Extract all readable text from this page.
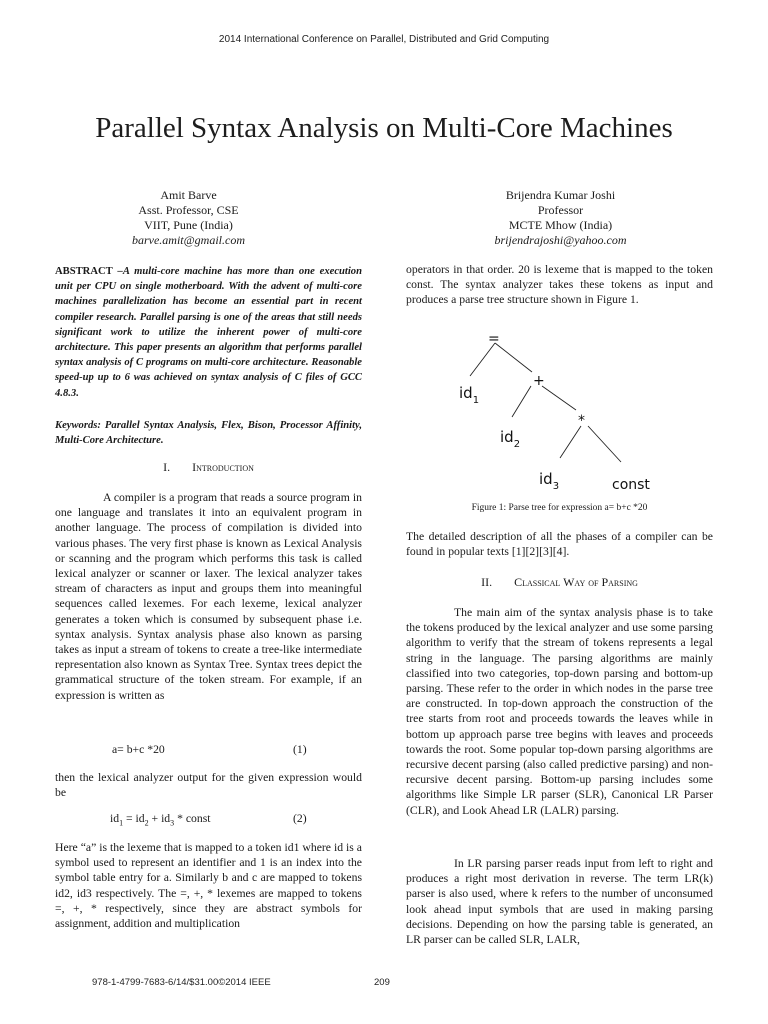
2014 International Conference on Parallel, Distributed and Grid Computing
Parallel Syntax Analysis on Multi-Core Machines
Amit Barve
Asst. Professor, CSE
VIIT, Pune (India)
barve.amit@gmail.com
Brijendra Kumar Joshi
Professor
MCTE Mhow (India)
brijendrajoshi@yahoo.com
ABSTRACT –A multi-core machine has more than one execution unit per CPU on single motherboard. With the advent of multi-core machines parallelization has become an essential part in recent compiler research. Parallel parsing is one of the areas that still needs significant work to utilize the inherent power of multi-core architecture. This paper presents an algorithm that performs parallel syntax analysis of C programs on multi-core architecture. Reasonable speed-up up to 6 was achieved on syntax analysis of C files of GCC 4.8.3.
Keywords: Parallel Syntax Analysis, Flex, Bison, Processor Affinity, Multi-Core Architecture.
I. Introduction

A compiler is a program that reads a source program in one language and translates it into an equivalent program in another language. The process of compilation is divided into various phases. The very first phase is known as Lexical Analysis or scanning and the program which performs this task is called lexical analyzer or scanner or laxer. The lexical analyzer takes stream of characters as input and groups them into meaningful sequences called lexemes. For each lexeme, lexical analyzer generates a token which is consumed by subsequent phase i.e. syntax analysis. Syntax analysis phase also known as parsing takes as input a stream of tokens to create a tree-like intermediate representation also known as Syntax Tree. Syntax trees depict the grammatical structure of the token stream. For example, if an expression is written as

a= b+c *20	(1)

then the lexical analyzer output for the given expression would be

$id_1 = id_2 + id_3$ * const	(2)

Here “a” is the lexeme that is mapped to a token id1 where id is a symbol used to represent an identifier and 1 is an index into the symbol table entry for a. Similarly b and c are mapped to tokens id2, id3 respectively. The =, +, * lexemes are mapped to tokens =, +, * respectively, since they are abstract symbols for assignment, addition and multiplication

operators in that order. 20 is lexeme that is mapped to the token const. The syntax analyzer takes these tokens as input and produces a parse tree structure shown in Figure 1.

=
+
*
$id_1$
$id_2$
$id_3$	const
Figure 1: Parse tree for expression a= b+c *20

The detailed description of all the phases of a compiler can be found in popular texts [1][2][3][4].

II. Classical Way of Parsing

The main aim of the syntax analysis phase is to take the tokens produced by the lexical analyzer and use some parsing algorithm to verify that the stream of tokens represents a legal string in the language. The parsing algorithms are mainly classified into two categories, top-down parsing and bottom-up parsing. These refer to the order in which nodes in the parse tree are constructed. In top-down approach the construction of the tree starts from root and proceeds towards the leaves while in bottom up approach parse tree begins with leaves and proceeds towards the root. Some popular top-down parsing algorithms are recursive decent parsing (also called predictive parsing) and non-recursive decent parsing. Bottom-up parsing includes some algorithms like Simple LR parser (SLR), Canonical LR Parser (CLR), and Look Ahead LR (LALR) parsing.

In LR parsing parser reads input from left to right and produces a right most derivation in reverse. The term LR(k) parser is also used, where k refers to the number of unconsumed look ahead input symbols that are used in making parsing decisions. Depending on how the parsing table is generated, an LR parser can be called SLR, LALR,

978-1-4799-7683-6/14/$31.00©2014 IEEE	209
